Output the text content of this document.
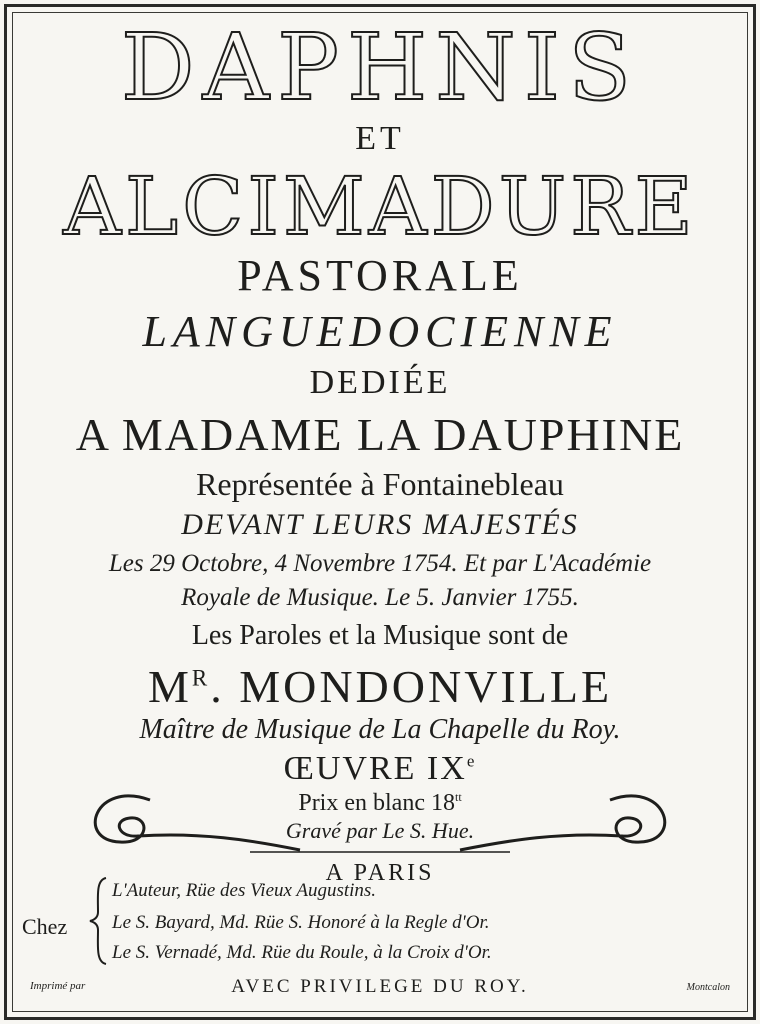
DAPHNIS

ET

ALCIMADURE

PASTORALE

LANGUEDOCIENNE

DEDIÉE

A MADAME LA DAUPHINE

Représentée à Fontainebleau

DEVANT LEURS MAJESTÉS

Les 29 Octobre, 4 Novembre 1754. Et par L'Académie

Royale de Musique. Le 5. Janvier 1755.

Les Paroles et la Musique sont de

$M^R$. MONDONVILLE

Maître de Musique de La Chapelle du Roy.

ŒUVRE IXe

Prix en blanc $18^{tt}$

Gravé par Le S. Hue.

A PARIS

Chez
L'Auteur, Rüe des Vieux Augustins.
Le S. Bayard, Md. Rüe S. Honoré à la Regle d'Or.
Le S. Vernadé, Md. Rüe du Roule, à la Croix d'Or.
Imprimé par	AVEC PRIVILEGE DU ROY.	Montcalon
